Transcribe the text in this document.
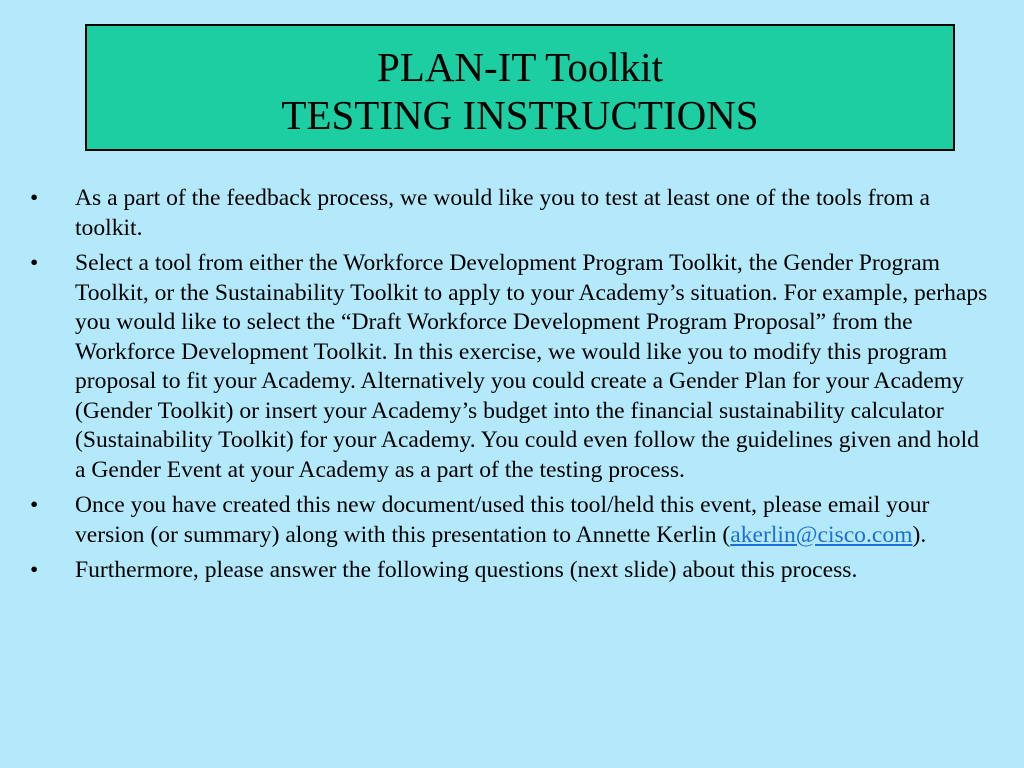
PLAN-IT Toolkit
TESTING INSTRUCTIONS
•	As a part of the feedback process, we would like you to test at least one of the tools from a toolkit.
•	Select a tool from either the Workforce Development Program Toolkit, the Gender Program Toolkit, or the Sustainability Toolkit to apply to your Academy’s situation. For example, perhaps you would like to select the “Draft Workforce Development Program Proposal” from the Workforce Development Toolkit. In this exercise, we would like you to modify this program proposal to fit your Academy. Alternatively you could create a Gender Plan for your Academy (Gender Toolkit) or insert your Academy’s budget into the financial sustainability calculator (Sustainability Toolkit) for your Academy. You could even follow the guidelines given and hold a Gender Event at your Academy as a part of the testing process.
•	Once you have created this new document/used this tool/held this event, please email your version (or summary) along with this presentation to Annette Kerlin (akerlin@cisco.com).
•	Furthermore, please answer the following questions (next slide) about this process.
